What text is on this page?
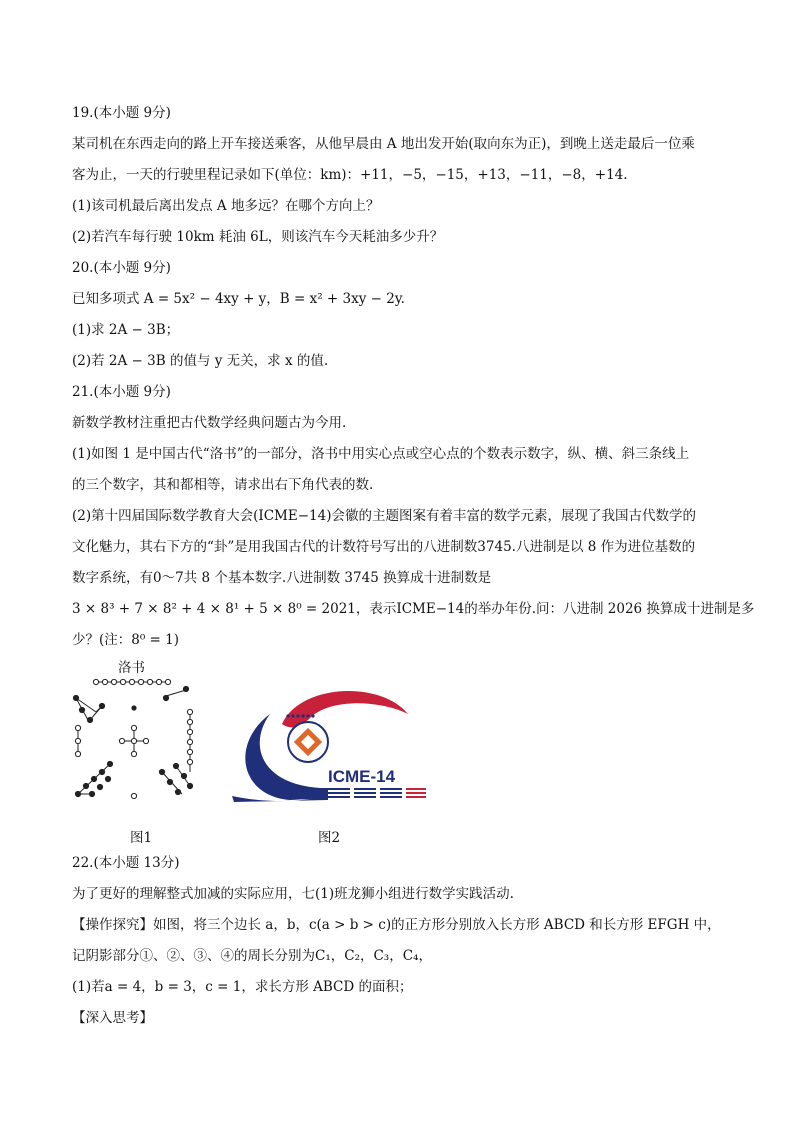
19.(本小题 9分)
某司机在东西走向的路上开车接送乘客，从他早晨由 A 地出发开始(取向东为正)，到晚上送走最后一位乘
客为止，一天的行驶里程记录如下(单位：km)：+11，−5，−15，+13，−11，−8，+14.
(1)该司机最后离出发点 A 地多远？在哪个方向上？
(2)若汽车每行驶 10km 耗油 6L，则该汽车今天耗油多少升？
20.(本小题 9分)
已知多项式 A = 5x² − 4xy + y，B = x² + 3xy − 2y.
(1)求 2A − 3B；
(2)若 2A − 3B 的值与 y 无关，求 x 的值.
21.(本小题 9分)
新数学教材注重把古代数学经典问题古为今用.
(1)如图 1 是中国古代“洛书”的一部分，洛书中用实心点或空心点的个数表示数字，纵、横、斜三条线上
的三个数字，其和都相等，请求出右下角代表的数.
(2)第十四届国际数学教育大会(ICME−14)会徽的主题图案有着丰富的数学元素，展现了我国古代数学的
文化魅力，其右下方的“卦”是用我国古代的计数符号写出的八进制数3745.八进制是以 8 作为进位基数的
数字系统，有0～7共 8 个基本数字.八进制数 3745 换算成十进制数是
3 × 8³ + 7 × 8² + 4 × 8¹ + 5 × 8⁰ = 2021，表示ICME−14的举办年份.问：八进制 2026 换算成十进制是多
少？(注：8⁰ = 1)
洛书
图1
ICME-14
图2
22.(本小题 13分)
为了更好的理解整式加减的实际应用，七(1)班龙狮小组进行数学实践活动.
【操作探究】如图，将三个边长 a，b，c(a > b > c)的正方形分别放入长方形 ABCD 和长方形 EFGH 中，
记阴影部分①、②、③、④的周长分别为C₁，C₂，C₃，C₄，
(1)若a = 4，b = 3，c = 1，求长方形 ABCD 的面积；
【深入思考】
